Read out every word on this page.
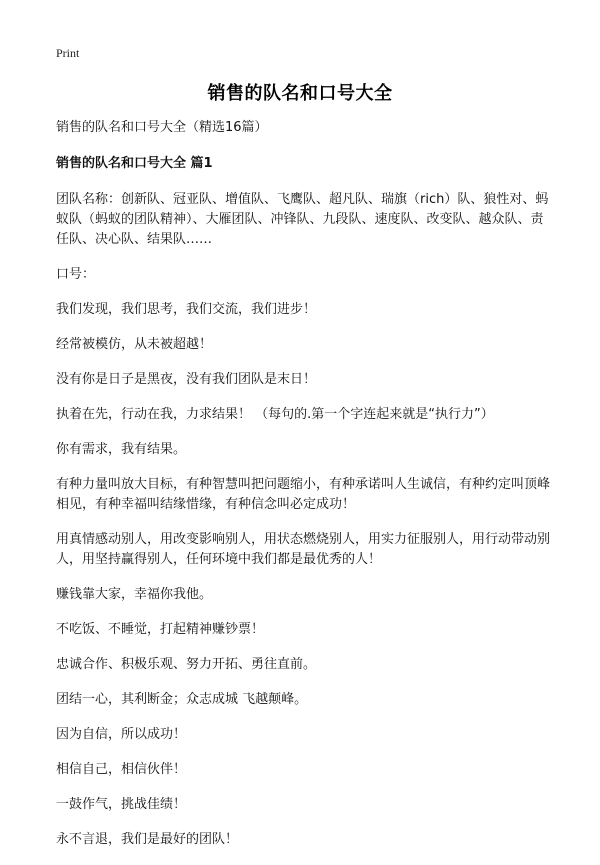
Print
销售的队名和口号大全

销售的队名和口号大全（精选16篇）

销售的队名和口号大全 篇1

团队名称：创新队、冠亚队、增值队、飞鹰队、超凡队、瑞旗（rich）队、狼性对、蚂蚁队（蚂蚁的团队精神）、大雁团队、冲锋队、九段队、速度队、改变队、越众队、责任队、决心队、结果队……

口号：

我们发现，我们思考，我们交流，我们进步！

经常被模仿，从未被超越！

没有你是日子是黑夜，没有我们团队是末日！

执着在先，行动在我，力求结果！ （每句的.第一个字连起来就是“执行力”）

你有需求，我有结果。

有种力量叫放大目标，有种智慧叫把问题缩小，有种承诺叫人生诚信，有种约定叫顶峰相见，有种幸福叫结缘惜缘，有种信念叫必定成功！

用真情感动别人，用改变影响别人，用状态燃烧别人，用实力征服别人，用行动带动别人，用坚持赢得别人，任何环境中我们都是最优秀的人！

赚钱靠大家，幸福你我他。

不吃饭、不睡觉，打起精神赚钞票！

忠诚合作、积极乐观、努力开拓、勇往直前。

团结一心，其利断金；众志成城 飞越颠峰。

因为自信，所以成功！

相信自己，相信伙伴！

一鼓作气，挑战佳绩！

永不言退，我们是最好的团队！
